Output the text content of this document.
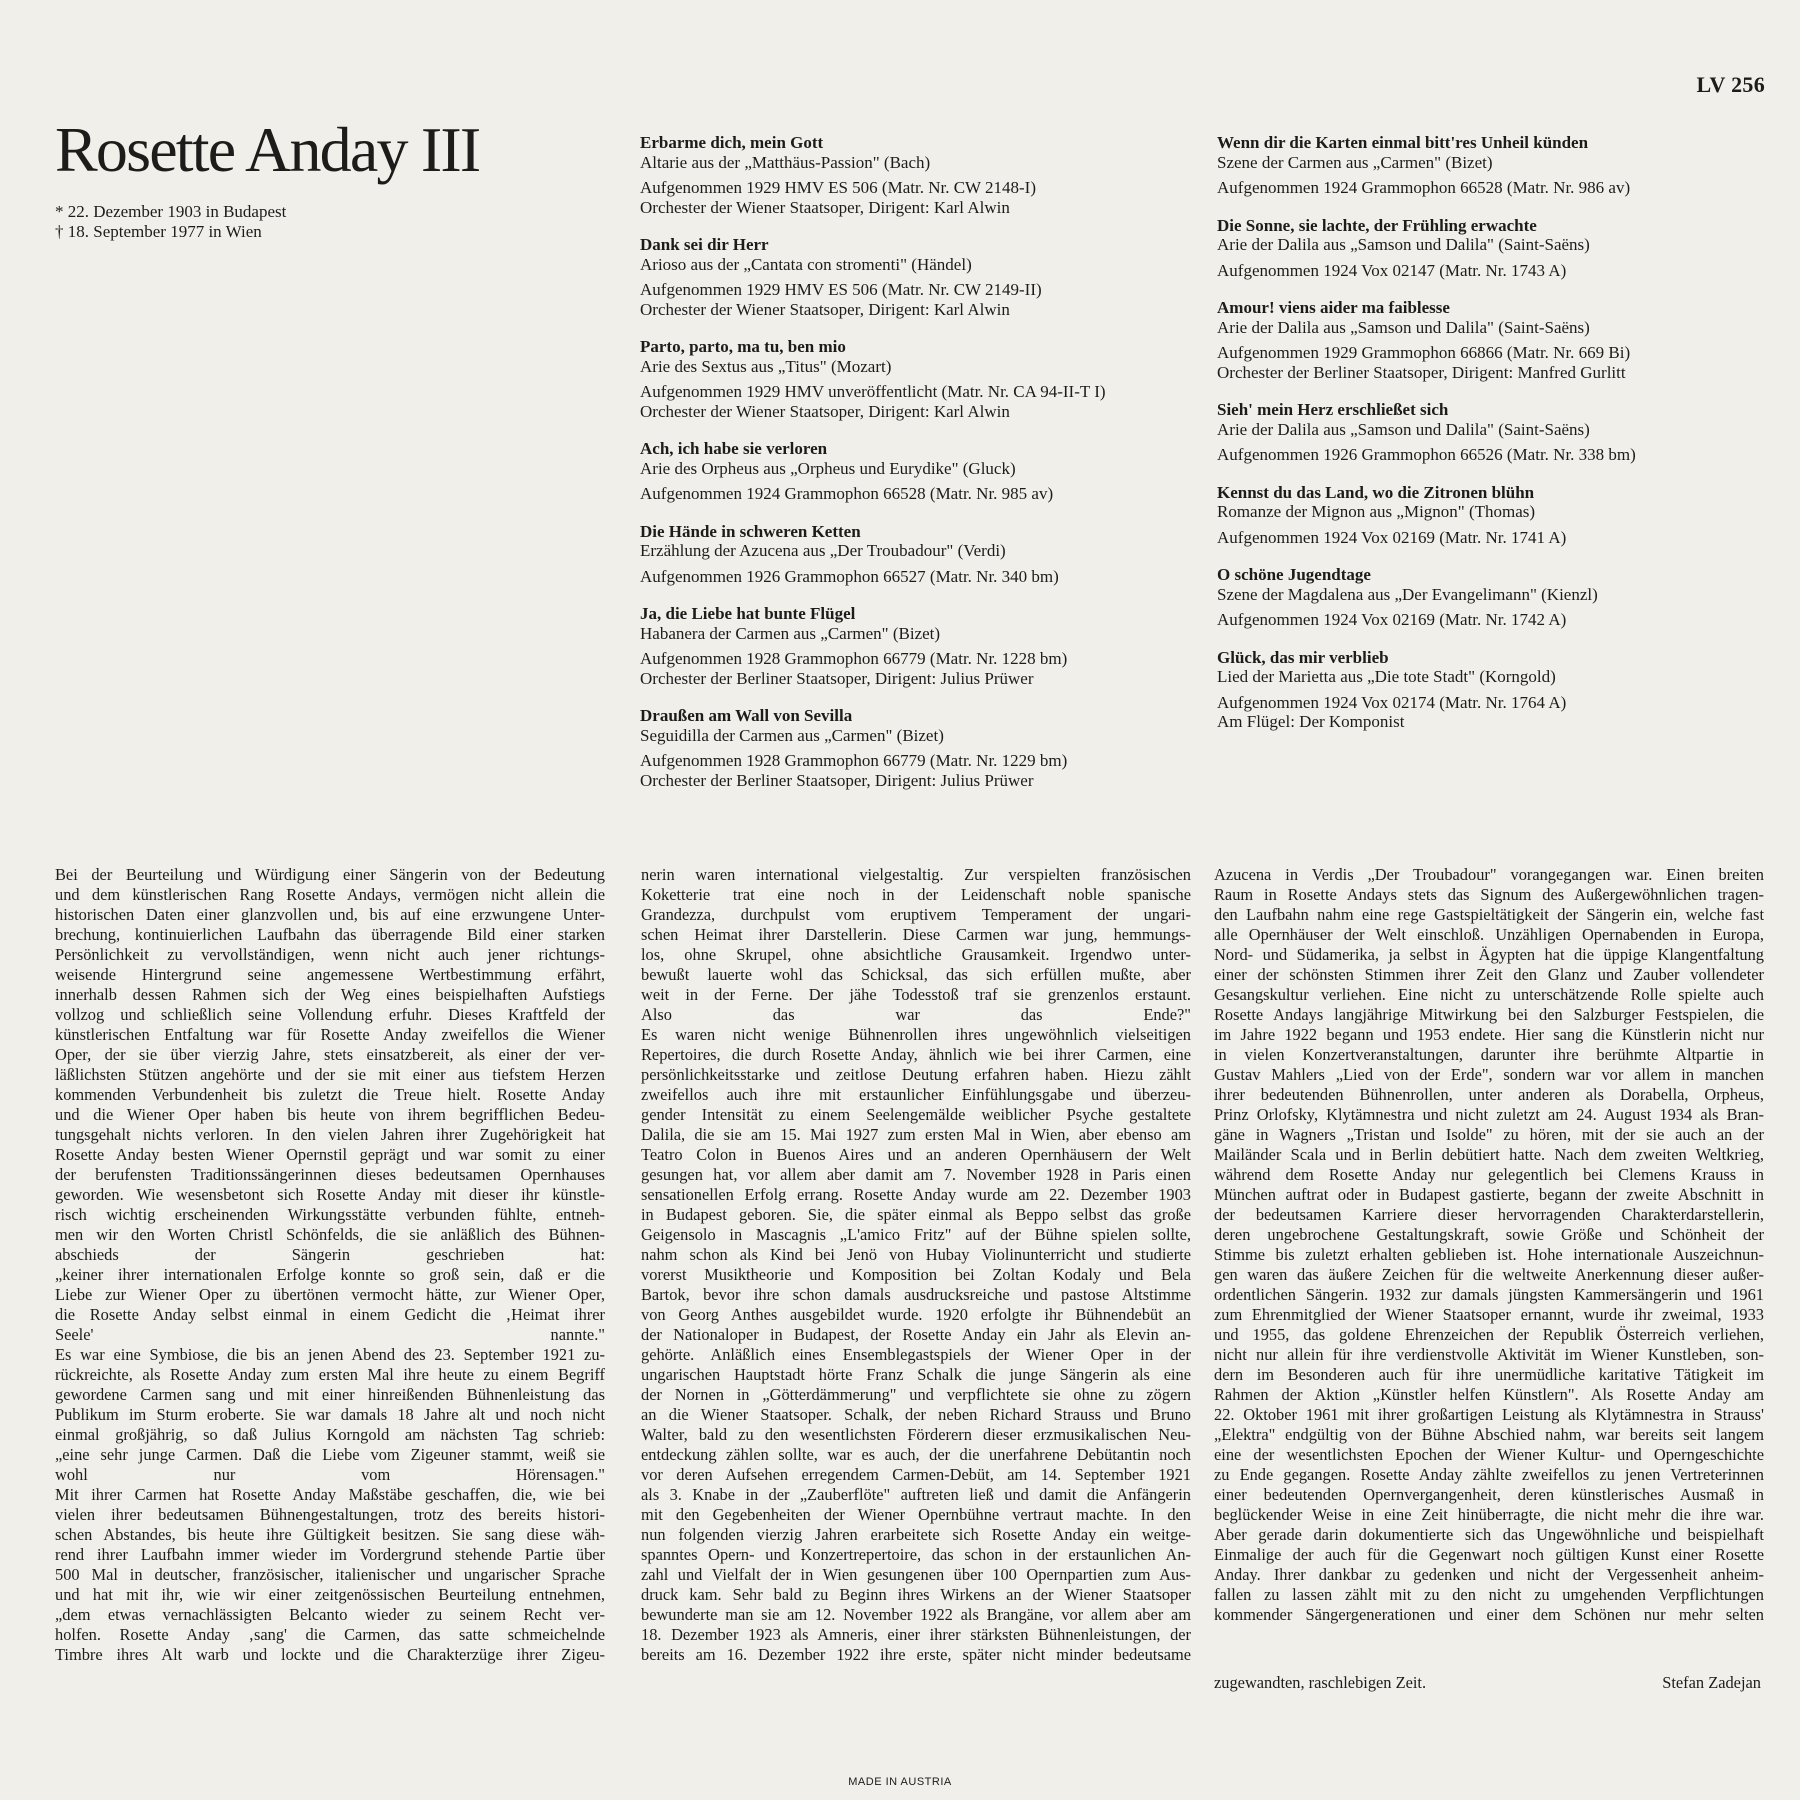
LV 256
Rosette Anday III
* 22. Dezember 1903 in Budapest
† 18. September 1977 in Wien
Erbarme dich, mein Gott
Altarie aus der „Matthäus-Passion" (Bach)
Aufgenommen 1929 HMV ES 506 (Matr. Nr. CW 2148-I)
Orchester der Wiener Staatsoper, Dirigent: Karl Alwin
Dank sei dir Herr
Arioso aus der „Cantata con stromenti" (Händel)
Aufgenommen 1929 HMV ES 506 (Matr. Nr. CW 2149-II)
Orchester der Wiener Staatsoper, Dirigent: Karl Alwin
Parto, parto, ma tu, ben mio
Arie des Sextus aus „Titus" (Mozart)
Aufgenommen 1929 HMV unveröffentlicht (Matr. Nr. CA 94-II-T I)
Orchester der Wiener Staatsoper, Dirigent: Karl Alwin
Ach, ich habe sie verloren
Arie des Orpheus aus „Orpheus und Eurydike" (Gluck)
Aufgenommen 1924 Grammophon 66528 (Matr. Nr. 985 av)
Die Hände in schweren Ketten
Erzählung der Azucena aus „Der Troubadour" (Verdi)
Aufgenommen 1926 Grammophon 66527 (Matr. Nr. 340 bm)
Ja, die Liebe hat bunte Flügel
Habanera der Carmen aus „Carmen" (Bizet)
Aufgenommen 1928 Grammophon 66779 (Matr. Nr. 1228 bm)
Orchester der Berliner Staatsoper, Dirigent: Julius Prüwer
Draußen am Wall von Sevilla
Seguidilla der Carmen aus „Carmen" (Bizet)
Aufgenommen 1928 Grammophon 66779 (Matr. Nr. 1229 bm)
Orchester der Berliner Staatsoper, Dirigent: Julius Prüwer
Wenn dir die Karten einmal bitt'res Unheil künden
Szene der Carmen aus „Carmen" (Bizet)
Aufgenommen 1924 Grammophon 66528 (Matr. Nr. 986 av)
Die Sonne, sie lachte, der Frühling erwachte
Arie der Dalila aus „Samson und Dalila" (Saint-Saëns)
Aufgenommen 1924 Vox 02147 (Matr. Nr. 1743 A)
Amour! viens aider ma faiblesse
Arie der Dalila aus „Samson und Dalila" (Saint-Saëns)
Aufgenommen 1929 Grammophon 66866 (Matr. Nr. 669 Bi)
Orchester der Berliner Staatsoper, Dirigent: Manfred Gurlitt
Sieh' mein Herz erschließet sich
Arie der Dalila aus „Samson und Dalila" (Saint-Saëns)
Aufgenommen 1926 Grammophon 66526 (Matr. Nr. 338 bm)
Kennst du das Land, wo die Zitronen blühn
Romanze der Mignon aus „Mignon" (Thomas)
Aufgenommen 1924 Vox 02169 (Matr. Nr. 1741 A)
O schöne Jugendtage
Szene der Magdalena aus „Der Evangelimann" (Kienzl)
Aufgenommen 1924 Vox 02169 (Matr. Nr. 1742 A)
Glück, das mir verblieb
Lied der Marietta aus „Die tote Stadt" (Korngold)
Aufgenommen 1924 Vox 02174 (Matr. Nr. 1764 A)
Am Flügel: Der Komponist
Bei der Beurteilung und Würdigung einer Sängerin von der Bedeutung
und dem künstlerischen Rang Rosette Andays, vermögen nicht allein die
historischen Daten einer glanzvollen und, bis auf eine erzwungene Unter-
brechung, kontinuierlichen Laufbahn das überragende Bild einer starken
Persönlichkeit zu vervollständigen, wenn nicht auch jener richtungs-
weisende Hintergrund seine angemessene Wertbestimmung erfährt,
innerhalb dessen Rahmen sich der Weg eines beispielhaften Aufstiegs
vollzog und schließlich seine Vollendung erfuhr. Dieses Kraftfeld der
künstlerischen Entfaltung war für Rosette Anday zweifellos die Wiener
Oper, der sie über vierzig Jahre, stets einsatzbereit, als einer der ver-
läßlichsten Stützen angehörte und der sie mit einer aus tiefstem Herzen
kommenden Verbundenheit bis zuletzt die Treue hielt. Rosette Anday
und die Wiener Oper haben bis heute von ihrem begrifflichen Bedeu-
tungsgehalt nichts verloren. In den vielen Jahren ihrer Zugehörigkeit hat
Rosette Anday besten Wiener Opernstil geprägt und war somit zu einer
der berufensten Traditionssängerinnen dieses bedeutsamen Opernhauses
geworden. Wie wesensbetont sich Rosette Anday mit dieser ihr künstle-
risch wichtig erscheinenden Wirkungsstätte verbunden fühlte, entneh-
men wir den Worten Christl Schönfelds, die sie anläßlich des Bühnen-
abschieds der Sängerin geschrieben hat:
„keiner ihrer internationalen Erfolge konnte so groß sein, daß er die
Liebe zur Wiener Oper zu übertönen vermocht hätte, zur Wiener Oper,
die Rosette Anday selbst einmal in einem Gedicht die ‚Heimat ihrer
Seele' nannte."
Es war eine Symbiose, die bis an jenen Abend des 23. September 1921 zu-
rückreichte, als Rosette Anday zum ersten Mal ihre heute zu einem Begriff
gewordene Carmen sang und mit einer hinreißenden Bühnenleistung das
Publikum im Sturm eroberte. Sie war damals 18 Jahre alt und noch nicht
einmal großjährig, so daß Julius Korngold am nächsten Tag schrieb:
„eine sehr junge Carmen. Daß die Liebe vom Zigeuner stammt, weiß sie
wohl nur vom Hörensagen."
Mit ihrer Carmen hat Rosette Anday Maßstäbe geschaffen, die, wie bei
vielen ihrer bedeutsamen Bühnengestaltungen, trotz des bereits histori-
schen Abstandes, bis heute ihre Gültigkeit besitzen. Sie sang diese wäh-
rend ihrer Laufbahn immer wieder im Vordergrund stehende Partie über
500 Mal in deutscher, französischer, italienischer und ungarischer Sprache
und hat mit ihr, wie wir einer zeitgenössischen Beurteilung entnehmen,
„dem etwas vernachlässigten Belcanto wieder zu seinem Recht ver-
holfen. Rosette Anday ‚sang' die Carmen, das satte schmeichelnde
Timbre ihres Alt warb und lockte und die Charakterzüge ihrer Zigeu-
nerin waren international vielgestaltig. Zur verspielten französischen
Koketterie trat eine noch in der Leidenschaft noble spanische
Grandezza, durchpulst vom eruptivem Temperament der ungari-
schen Heimat ihrer Darstellerin. Diese Carmen war jung, hemmungs-
los, ohne Skrupel, ohne absichtliche Grausamkeit. Irgendwo unter-
bewußt lauerte wohl das Schicksal, das sich erfüllen mußte, aber
weit in der Ferne. Der jähe Todesstoß traf sie grenzenlos erstaunt.
Also das war das Ende?"
Es waren nicht wenige Bühnenrollen ihres ungewöhnlich vielseitigen
Repertoires, die durch Rosette Anday, ähnlich wie bei ihrer Carmen, eine
persönlichkeitsstarke und zeitlose Deutung erfahren haben. Hiezu zählt
zweifellos auch ihre mit erstaunlicher Einfühlungsgabe und überzeu-
gender Intensität zu einem Seelengemälde weiblicher Psyche gestaltete
Dalila, die sie am 15. Mai 1927 zum ersten Mal in Wien, aber ebenso am
Teatro Colon in Buenos Aires und an anderen Opernhäusern der Welt
gesungen hat, vor allem aber damit am 7. November 1928 in Paris einen
sensationellen Erfolg errang. Rosette Anday wurde am 22. Dezember 1903
in Budapest geboren. Sie, die später einmal als Beppo selbst das große
Geigensolo in Mascagnis „L'amico Fritz" auf der Bühne spielen sollte,
nahm schon als Kind bei Jenö von Hubay Violinunterricht und studierte
vorerst Musiktheorie und Komposition bei Zoltan Kodaly und Bela
Bartok, bevor ihre schon damals ausdrucksreiche und pastose Altstimme
von Georg Anthes ausgebildet wurde. 1920 erfolgte ihr Bühnendebüt an
der Nationaloper in Budapest, der Rosette Anday ein Jahr als Elevin an-
gehörte. Anläßlich eines Ensemblegastspiels der Wiener Oper in der
ungarischen Hauptstadt hörte Franz Schalk die junge Sängerin als eine
der Nornen in „Götterdämmerung" und verpflichtete sie ohne zu zögern
an die Wiener Staatsoper. Schalk, der neben Richard Strauss und Bruno
Walter, bald zu den wesentlichsten Förderern dieser erzmusikalischen Neu-
entdeckung zählen sollte, war es auch, der die unerfahrene Debütantin noch
vor deren Aufsehen erregendem Carmen-Debüt, am 14. September 1921
als 3. Knabe in der „Zauberflöte" auftreten ließ und damit die Anfängerin
mit den Gegebenheiten der Wiener Opernbühne vertraut machte. In den
nun folgenden vierzig Jahren erarbeitete sich Rosette Anday ein weitge-
spanntes Opern- und Konzertrepertoire, das schon in der erstaunlichen An-
zahl und Vielfalt der in Wien gesungenen über 100 Opernpartien zum Aus-
druck kam. Sehr bald zu Beginn ihres Wirkens an der Wiener Staatsoper
bewunderte man sie am 12. November 1922 als Brangäne, vor allem aber am
18. Dezember 1923 als Amneris, einer ihrer stärksten Bühnenleistungen, der
bereits am 16. Dezember 1922 ihre erste, später nicht minder bedeutsame
Azucena in Verdis „Der Troubadour" vorangegangen war. Einen breiten
Raum in Rosette Andays stets das Signum des Außergewöhnlichen tragen-
den Laufbahn nahm eine rege Gastspieltätigkeit der Sängerin ein, welche fast
alle Opernhäuser der Welt einschloß. Unzähligen Opernabenden in Europa,
Nord- und Südamerika, ja selbst in Ägypten hat die üppige Klangentfaltung
einer der schönsten Stimmen ihrer Zeit den Glanz und Zauber vollendeter
Gesangskultur verliehen. Eine nicht zu unterschätzende Rolle spielte auch
Rosette Andays langjährige Mitwirkung bei den Salzburger Festspielen, die
im Jahre 1922 begann und 1953 endete. Hier sang die Künstlerin nicht nur
in vielen Konzertveranstaltungen, darunter ihre berühmte Altpartie in
Gustav Mahlers „Lied von der Erde", sondern war vor allem in manchen
ihrer bedeutenden Bühnenrollen, unter anderen als Dorabella, Orpheus,
Prinz Orlofsky, Klytämnestra und nicht zuletzt am 24. August 1934 als Bran-
gäne in Wagners „Tristan und Isolde" zu hören, mit der sie auch an der
Mailänder Scala und in Berlin debütiert hatte. Nach dem zweiten Weltkrieg,
während dem Rosette Anday nur gelegentlich bei Clemens Krauss in
München auftrat oder in Budapest gastierte, begann der zweite Abschnitt in
der bedeutsamen Karriere dieser hervorragenden Charakterdarstellerin,
deren ungebrochene Gestaltungskraft, sowie Größe und Schönheit der
Stimme bis zuletzt erhalten geblieben ist. Hohe internationale Auszeichnun-
gen waren das äußere Zeichen für die weltweite Anerkennung dieser außer-
ordentlichen Sängerin. 1932 zur damals jüngsten Kammersängerin und 1961
zum Ehrenmitglied der Wiener Staatsoper ernannt, wurde ihr zweimal, 1933
und 1955, das goldene Ehrenzeichen der Republik Österreich verliehen,
nicht nur allein für ihre verdienstvolle Aktivität im Wiener Kunstleben, son-
dern im Besonderen auch für ihre unermüdliche karitative Tätigkeit im
Rahmen der Aktion „Künstler helfen Künstlern". Als Rosette Anday am
22. Oktober 1961 mit ihrer großartigen Leistung als Klytämnestra in Strauss'
„Elektra" endgültig von der Bühne Abschied nahm, war bereits seit langem
eine der wesentlichsten Epochen der Wiener Kultur- und Operngeschichte
zu Ende gegangen. Rosette Anday zählte zweifellos zu jenen Vertreterinnen
einer bedeutenden Opernvergangenheit, deren künstlerisches Ausmaß in
beglückender Weise in eine Zeit hinüberragte, die nicht mehr die ihre war.
Aber gerade darin dokumentierte sich das Ungewöhnliche und beispielhaft
Einmalige der auch für die Gegenwart noch gültigen Kunst einer Rosette
Anday. Ihrer dankbar zu gedenken und nicht der Vergessenheit anheim-
fallen zu lassen zählt mit zu den nicht zu umgehenden Verpflichtungen
kommender Sängergenerationen und einer dem Schönen nur mehr selten
zugewandten, raschlebigen Zeit.	Stefan Zadejan
MADE IN AUSTRIA
